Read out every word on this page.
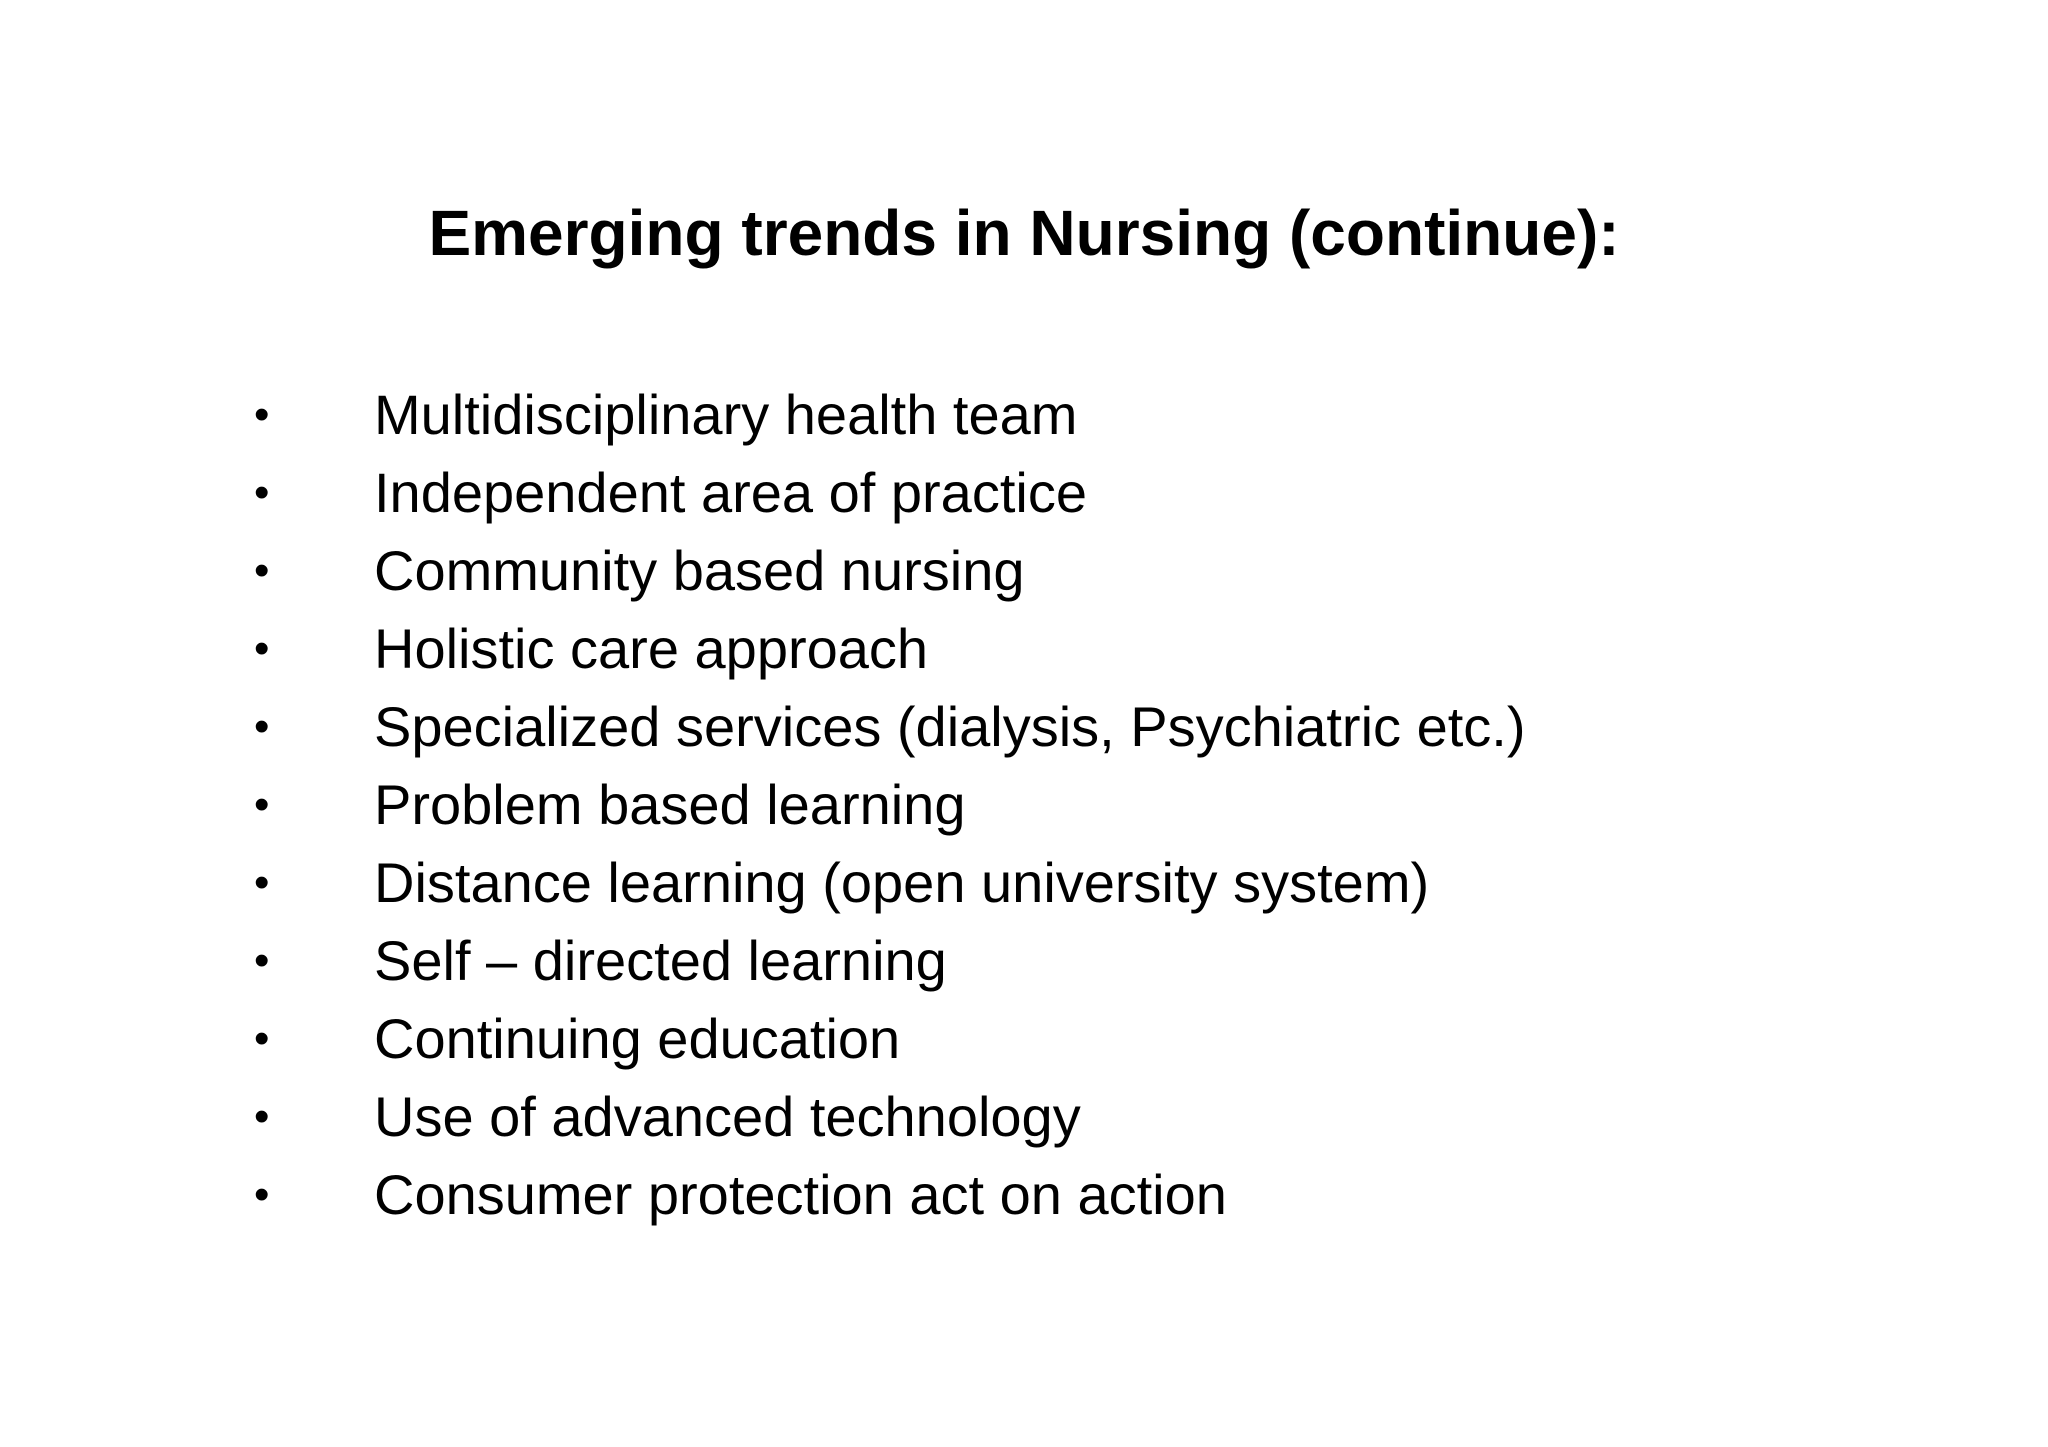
Emerging trends in Nursing (continue):
• Multidisciplinary health team
• Independent area of practice
• Community based nursing
• Holistic care approach
• Specialized services (dialysis, Psychiatric etc.)
• Problem based learning
• Distance learning (open university system)
• Self – directed learning
• Continuing education
• Use of advanced technology
• Consumer protection act on action
